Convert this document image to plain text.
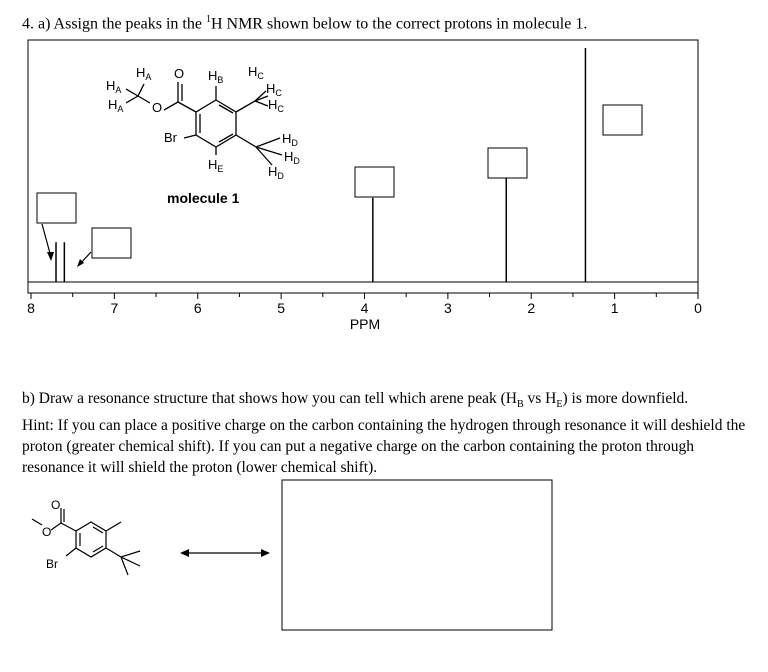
4. a) Assign the peaks in the $^1$H NMR shown below to the correct protons in molecule 1.
8	7	6	5	4	3	2	1	0
PPM
$H_A$
$H_A$
$H_A$
O
O $H_B$
$H_C$
$H_C$
$H_C$
$H_D$
$H_D$
$H_D$
Br
$H_E$
molecule 1
O
O
Br

b) Draw a resonance structure that shows how you can tell which arene peak ($H_B$ vs $H_E$) is more downfield.

Hint: If you can place a positive charge on the carbon containing the hydrogen through resonance it will deshield the proton (greater chemical shift). If you can put a negative charge on the carbon containing the proton through resonance it will shield the proton (lower chemical shift).
